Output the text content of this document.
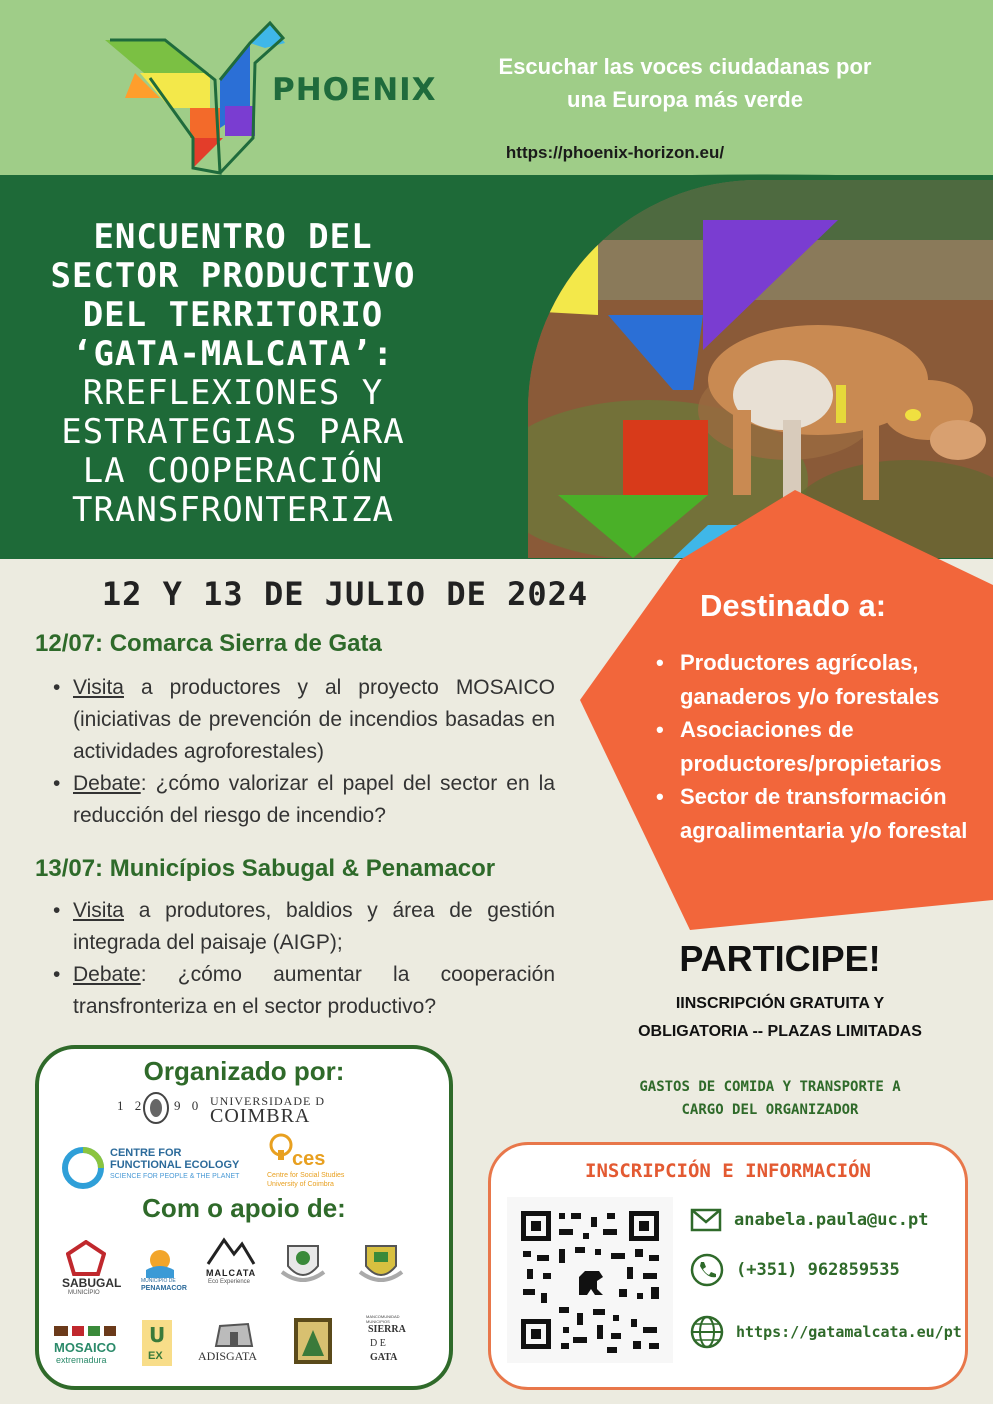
PHOENIX
Escuchar las voces ciudadanas por
una Europa más verde
https://phoenix-horizon.eu/
ENCUENTRO DEL
SECTOR PRODUCTIVO
DEL TERRITORIO
‘GATA-MALCATA’:
RREFLEXIONES Y
ESTRATEGIAS PARA
LA COOPERACIÓN
TRANSFRONTERIZA
Destinado a:
• Productores agrícolas, ganaderos y/o forestales
• Asociaciones de productores/propietarios
• Sector de transformación agroalimentaria y/o forestal
12 Y 13 DE JULIO DE 2024
12/07: Comarca Sierra de Gata
• Visita a productores y al proyecto MOSAICO (iniciativas de prevención de incendios basadas en actividades agroforestales)
• Debate: ¿cómo valorizar el papel del sector en la reducción del riesgo de incendio?
13/07: Municípios Sabugal & Penamacor
• Visita a produtores, baldios y área de gestión integrada del paisaje (AIGP);
• Debate: ¿cómo aumentar la cooperación transfronteriza en el sector productivo?
PARTICIPE!
IINSCRIPCIÓN GRATUITA Y
OBLIGATORIA -- PLAZAS LIMITADAS
GASTOS DE COMIDA Y TRANSPORTE A
CARGO DEL ORGANIZADOR
Organizado por:
1 2 9 0 UNIVERSIDADE D
COIMBRA
CENTRE FOR
FUNCTIONAL ECOLOGY
SCIENCE FOR PEOPLE & THE PLANET
ces
Centre for Social Studies
University of Coimbra
Com o apoio de:
SABUGAL
MUNICÍPIO
MUNICÍPIO DE
PENAMACOR
MALCATA
Eco Experience
MOSAICO
extremadura
U
EX	ADISGATA
MANCOMUNIDAD MUNICIPIOS
SIERRA
D E
GATA
INSCRIPCIÓN E INFORMACIÓN
anabela.paula@uc.pt
(+351) 962859535
https://gatamalcata.eu/pt
